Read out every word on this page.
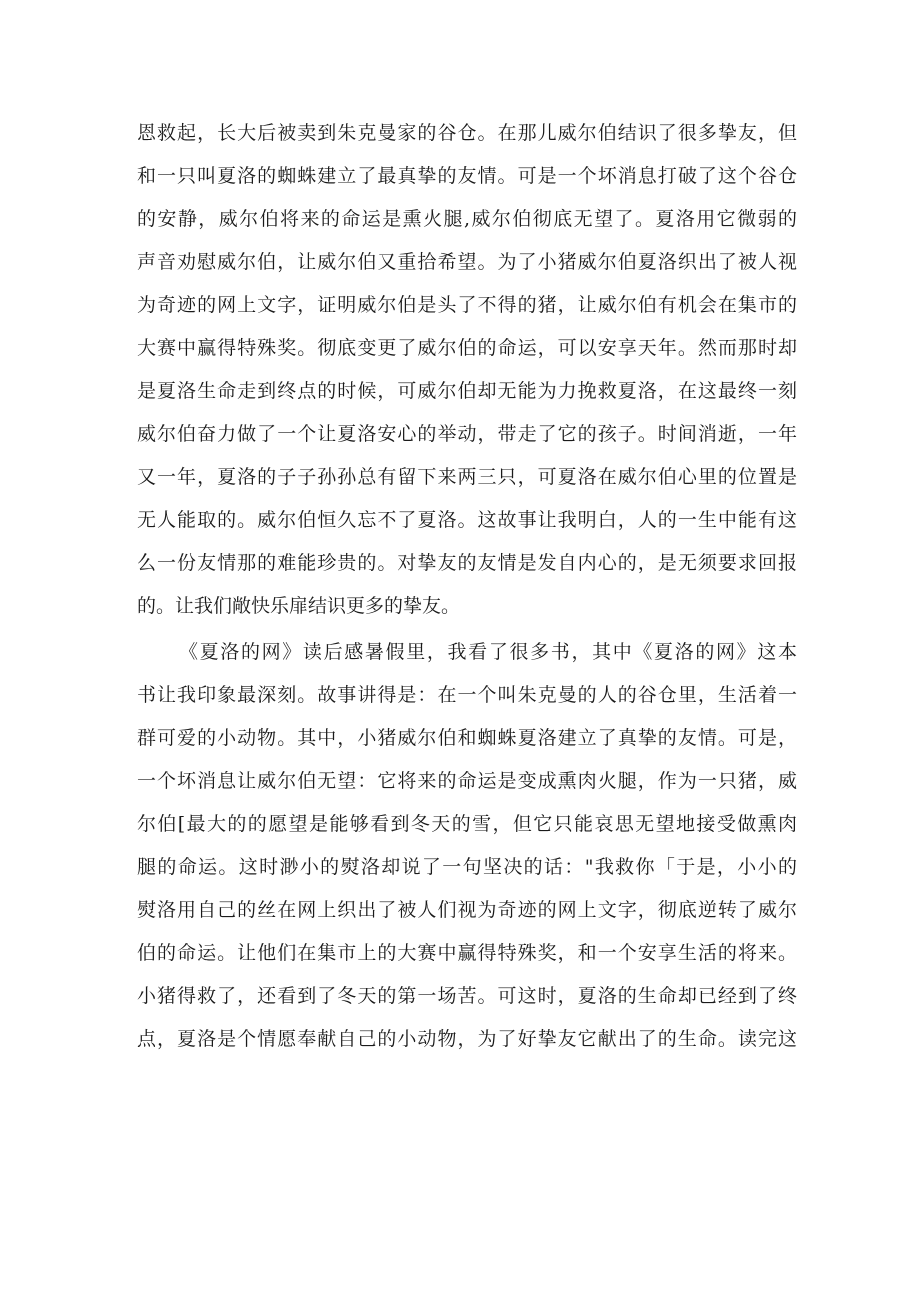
恩救起，长大后被卖到朱克曼家的谷仓。在那儿威尔伯结识了很多挚友，但
和一只叫夏洛的蜘蛛建立了最真挚的友情。可是一个坏消息打破了这个谷仓
的安静，威尔伯将来的命运是熏火腿,威尔伯彻底无望了。夏洛用它微弱的
声音劝慰威尔伯，让威尔伯又重拾希望。为了小猪威尔伯夏洛织出了被人视
为奇迹的网上文字，证明威尔伯是头了不得的猪，让威尔伯有机会在集市的
大赛中赢得特殊奖。彻底变更了威尔伯的命运，可以安享天年。然而那时却
是夏洛生命走到终点的时候，可威尔伯却无能为力挽救夏洛，在这最终一刻
威尔伯奋力做了一个让夏洛安心的举动，带走了它的孩子。时间消逝，一年
又一年，夏洛的子子孙孙总有留下来两三只，可夏洛在威尔伯心里的位置是
无人能取的。威尔伯恒久忘不了夏洛。这故事让我明白，人的一生中能有这
么一份友情那的难能珍贵的。对挚友的友情是发自内心的，是无须要求回报
的。让我们敞快乐扉结识更多的挚友。
《夏洛的网》读后感暑假里，我看了很多书，其中《夏洛的网》这本
书让我印象最深刻。故事讲得是：在一个叫朱克曼的人的谷仓里，生活着一
群可爱的小动物。其中，小猪威尔伯和蜘蛛夏洛建立了真挚的友情。可是，
一个坏消息让威尔伯无望：它将来的命运是变成熏肉火腿，作为一只猪，威
尔伯[最大的的愿望是能够看到冬天的雪，但它只能哀思无望地接受做熏肉
腿的命运。这时渺小的熨洛却说了一句坚决的话："我救你「于是，小小的
熨洛用自己的丝在网上织出了被人们视为奇迹的网上文字，彻底逆转了威尔
伯的命运。让他们在集市上的大赛中赢得特殊奖，和一个安享生活的将来。
小猪得救了，还看到了冬天的第一场苦。可这时，夏洛的生命却已经到了终
点，夏洛是个情愿奉献自己的小动物，为了好挚友它献出了的生命。读完这
